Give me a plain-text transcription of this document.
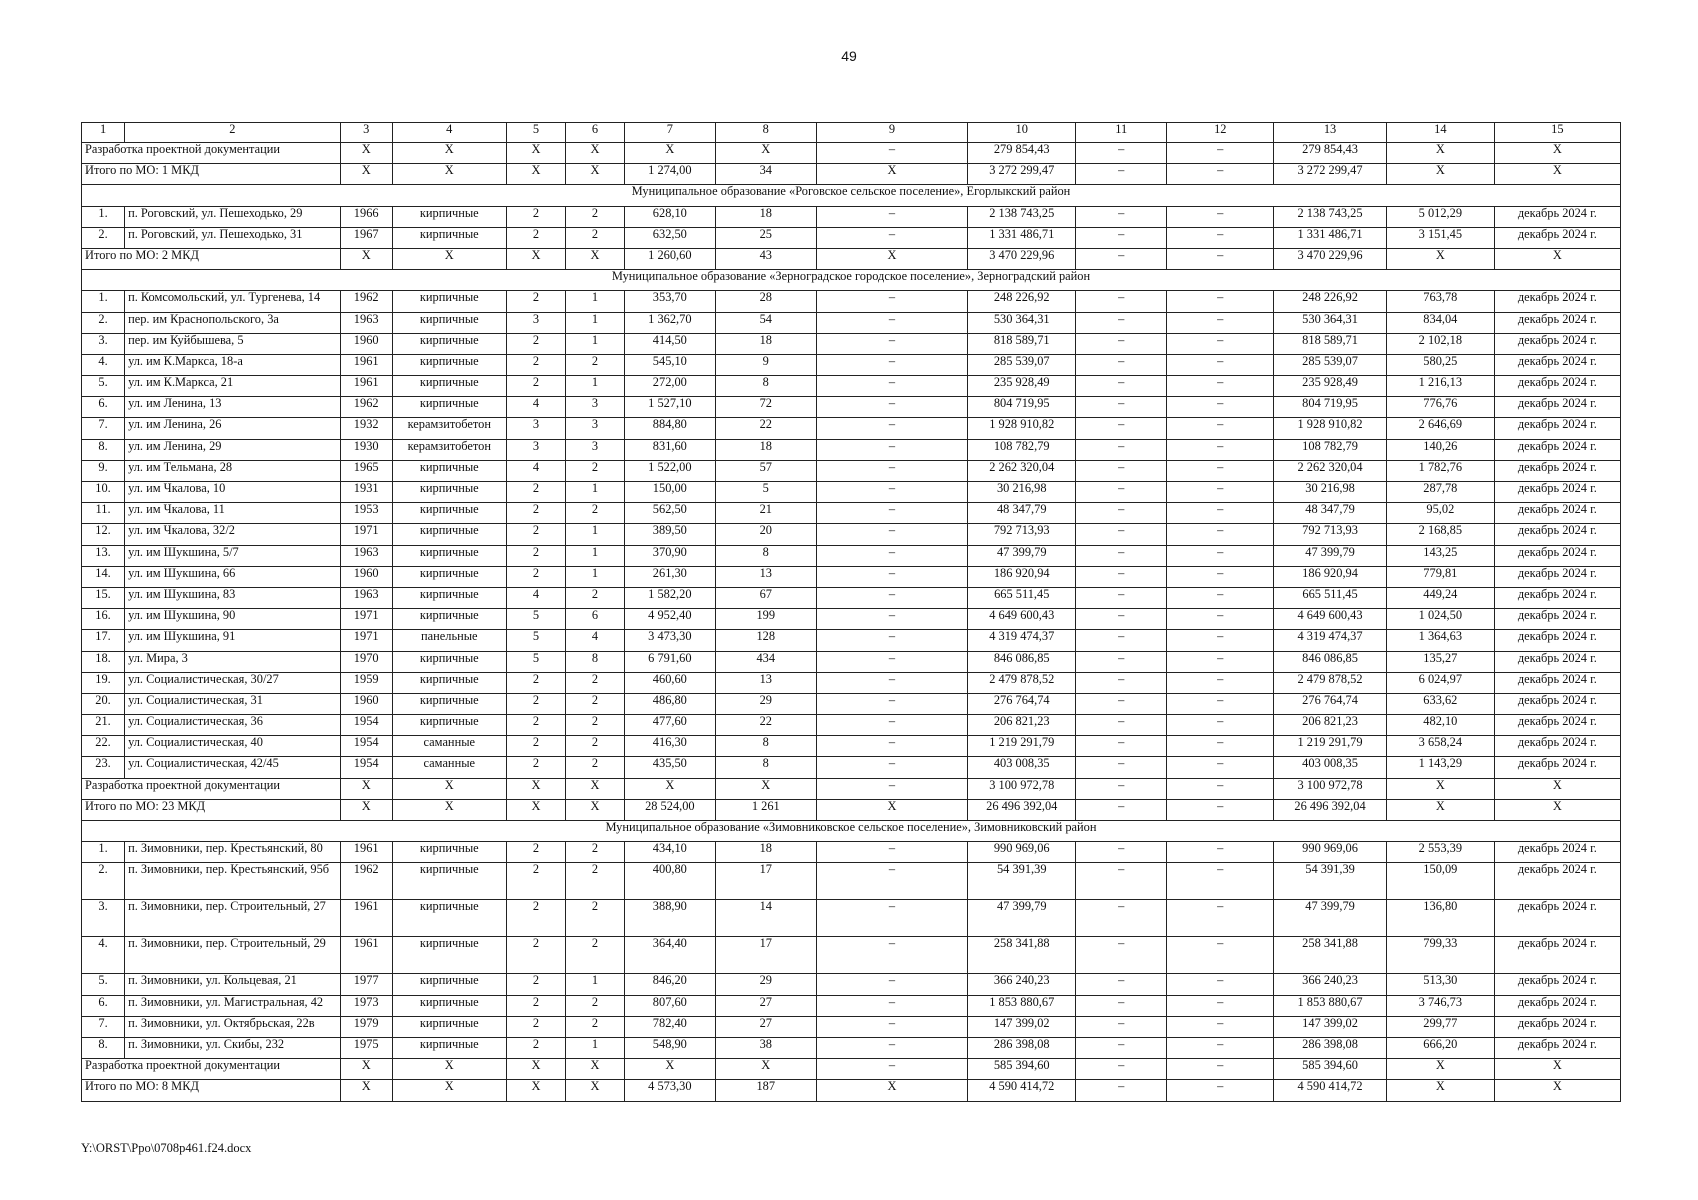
49
1	2	3	4	5	6	7	8	9	10	11	12	13	14	15
Разработка проектной документации		X	X	X	X	X	X	–	279 854,43	–	–	279 854,43	X	X
Итого по МО: 1 МКД		X	X	X	X	1 274,00	34	X	3 272 299,47	–	–	3 272 299,47	X	X
Муниципальное образование «Роговское сельское поселение», Егорлыкский район														
1.	п. Роговский, ул. Пешеходько, 29	1966	кирпичные	2	2	628,10	18	–	2 138 743,25	–	–	2 138 743,25	5 012,29	декабрь 2024 г.
2.	п. Роговский, ул. Пешеходько, 31	1967	кирпичные	2	2	632,50	25	–	1 331 486,71	–	–	1 331 486,71	3 151,45	декабрь 2024 г.
Итого по МО: 2 МКД		X	X	X	X	1 260,60	43	X	3 470 229,96	–	–	3 470 229,96	X	X
Муниципальное образование «Зерноградское городское поселение», Зерноградский район														
1.	п. Комсомольский, ул. Тургенева, 14	1962	кирпичные	2	1	353,70	28	–	248 226,92	–	–	248 226,92	763,78	декабрь 2024 г.
2.	пер. им Краснопольского, 3а	1963	кирпичные	3	1	1 362,70	54	–	530 364,31	–	–	530 364,31	834,04	декабрь 2024 г.
3.	пер. им Куйбышева, 5	1960	кирпичные	2	1	414,50	18	–	818 589,71	–	–	818 589,71	2 102,18	декабрь 2024 г.
4.	ул. им К.Маркса, 18-а	1961	кирпичные	2	2	545,10	9	–	285 539,07	–	–	285 539,07	580,25	декабрь 2024 г.
5.	ул. им К.Маркса, 21	1961	кирпичные	2	1	272,00	8	–	235 928,49	–	–	235 928,49	1 216,13	декабрь 2024 г.
6.	ул. им Ленина, 13	1962	кирпичные	4	3	1 527,10	72	–	804 719,95	–	–	804 719,95	776,76	декабрь 2024 г.
7.	ул. им Ленина, 26	1932	керамзитобетон	3	3	884,80	22	–	1 928 910,82	–	–	1 928 910,82	2 646,69	декабрь 2024 г.
8.	ул. им Ленина, 29	1930	керамзитобетон	3	3	831,60	18	–	108 782,79	–	–	108 782,79	140,26	декабрь 2024 г.
9.	ул. им Тельмана, 28	1965	кирпичные	4	2	1 522,00	57	–	2 262 320,04	–	–	2 262 320,04	1 782,76	декабрь 2024 г.
10.	ул. им Чкалова, 10	1931	кирпичные	2	1	150,00	5	–	30 216,98	–	–	30 216,98	287,78	декабрь 2024 г.
11.	ул. им Чкалова, 11	1953	кирпичные	2	2	562,50	21	–	48 347,79	–	–	48 347,79	95,02	декабрь 2024 г.
12.	ул. им Чкалова, 32/2	1971	кирпичные	2	1	389,50	20	–	792 713,93	–	–	792 713,93	2 168,85	декабрь 2024 г.
13.	ул. им Шукшина, 5/7	1963	кирпичные	2	1	370,90	8	–	47 399,79	–	–	47 399,79	143,25	декабрь 2024 г.
14.	ул. им Шукшина, 66	1960	кирпичные	2	1	261,30	13	–	186 920,94	–	–	186 920,94	779,81	декабрь 2024 г.
15.	ул. им Шукшина, 83	1963	кирпичные	4	2	1 582,20	67	–	665 511,45	–	–	665 511,45	449,24	декабрь 2024 г.
16.	ул. им Шукшина, 90	1971	кирпичные	5	6	4 952,40	199	–	4 649 600,43	–	–	4 649 600,43	1 024,50	декабрь 2024 г.
17.	ул. им Шукшина, 91	1971	панельные	5	4	3 473,30	128	–	4 319 474,37	–	–	4 319 474,37	1 364,63	декабрь 2024 г.
18.	ул. Мира, 3	1970	кирпичные	5	8	6 791,60	434	–	846 086,85	–	–	846 086,85	135,27	декабрь 2024 г.
19.	ул. Социалистическая, 30/27	1959	кирпичные	2	2	460,60	13	–	2 479 878,52	–	–	2 479 878,52	6 024,97	декабрь 2024 г.
20.	ул. Социалистическая, 31	1960	кирпичные	2	2	486,80	29	–	276 764,74	–	–	276 764,74	633,62	декабрь 2024 г.
21.	ул. Социалистическая, 36	1954	кирпичные	2	2	477,60	22	–	206 821,23	–	–	206 821,23	482,10	декабрь 2024 г.
22.	ул. Социалистическая, 40	1954	саманные	2	2	416,30	8	–	1 219 291,79	–	–	1 219 291,79	3 658,24	декабрь 2024 г.
23.	ул. Социалистическая, 42/45	1954	саманные	2	2	435,50	8	–	403 008,35	–	–	403 008,35	1 143,29	декабрь 2024 г.
Разработка проектной документации		X	X	X	X	X	X	–	3 100 972,78	–	–	3 100 972,78	X	X
Итого по МО: 23 МКД		X	X	X	X	28 524,00	1 261	X	26 496 392,04	–	–	26 496 392,04	X	X
Муниципальное образование «Зимовниковское сельское поселение», Зимовниковский район														
1.	п. Зимовники, пер. Крестьянский, 80	1961	кирпичные	2	2	434,10	18	–	990 969,06	–	–	990 969,06	2 553,39	декабрь 2024 г.
2.	п. Зимовники, пер. Крестьянский, 95б	1962	кирпичные	2	2	400,80	17	–	54 391,39	–	–	54 391,39	150,09	декабрь 2024 г.
3.	п. Зимовники, пер. Строительный, 27	1961	кирпичные	2	2	388,90	14	–	47 399,79	–	–	47 399,79	136,80	декабрь 2024 г.
4.	п. Зимовники, пер. Строительный, 29	1961	кирпичные	2	2	364,40	17	–	258 341,88	–	–	258 341,88	799,33	декабрь 2024 г.
5.	п. Зимовники, ул. Кольцевая, 21	1977	кирпичные	2	1	846,20	29	–	366 240,23	–	–	366 240,23	513,30	декабрь 2024 г.
6.	п. Зимовники, ул. Магистральная, 42	1973	кирпичные	2	2	807,60	27	–	1 853 880,67	–	–	1 853 880,67	3 746,73	декабрь 2024 г.
7.	п. Зимовники, ул. Октябрьская, 22в	1979	кирпичные	2	2	782,40	27	–	147 399,02	–	–	147 399,02	299,77	декабрь 2024 г.
8.	п. Зимовники, ул. Скибы, 232	1975	кирпичные	2	1	548,90	38	–	286 398,08	–	–	286 398,08	666,20	декабрь 2024 г.
Разработка проектной документации		X	X	X	X	X	X	–	585 394,60	–	–	585 394,60	X	X
Итого по МО: 8 МКД		X	X	X	X	4 573,30	187	X	4 590 414,72	–	–	4 590 414,72	X	X
Y:\ORST\Ppo\0708p461.f24.docx
